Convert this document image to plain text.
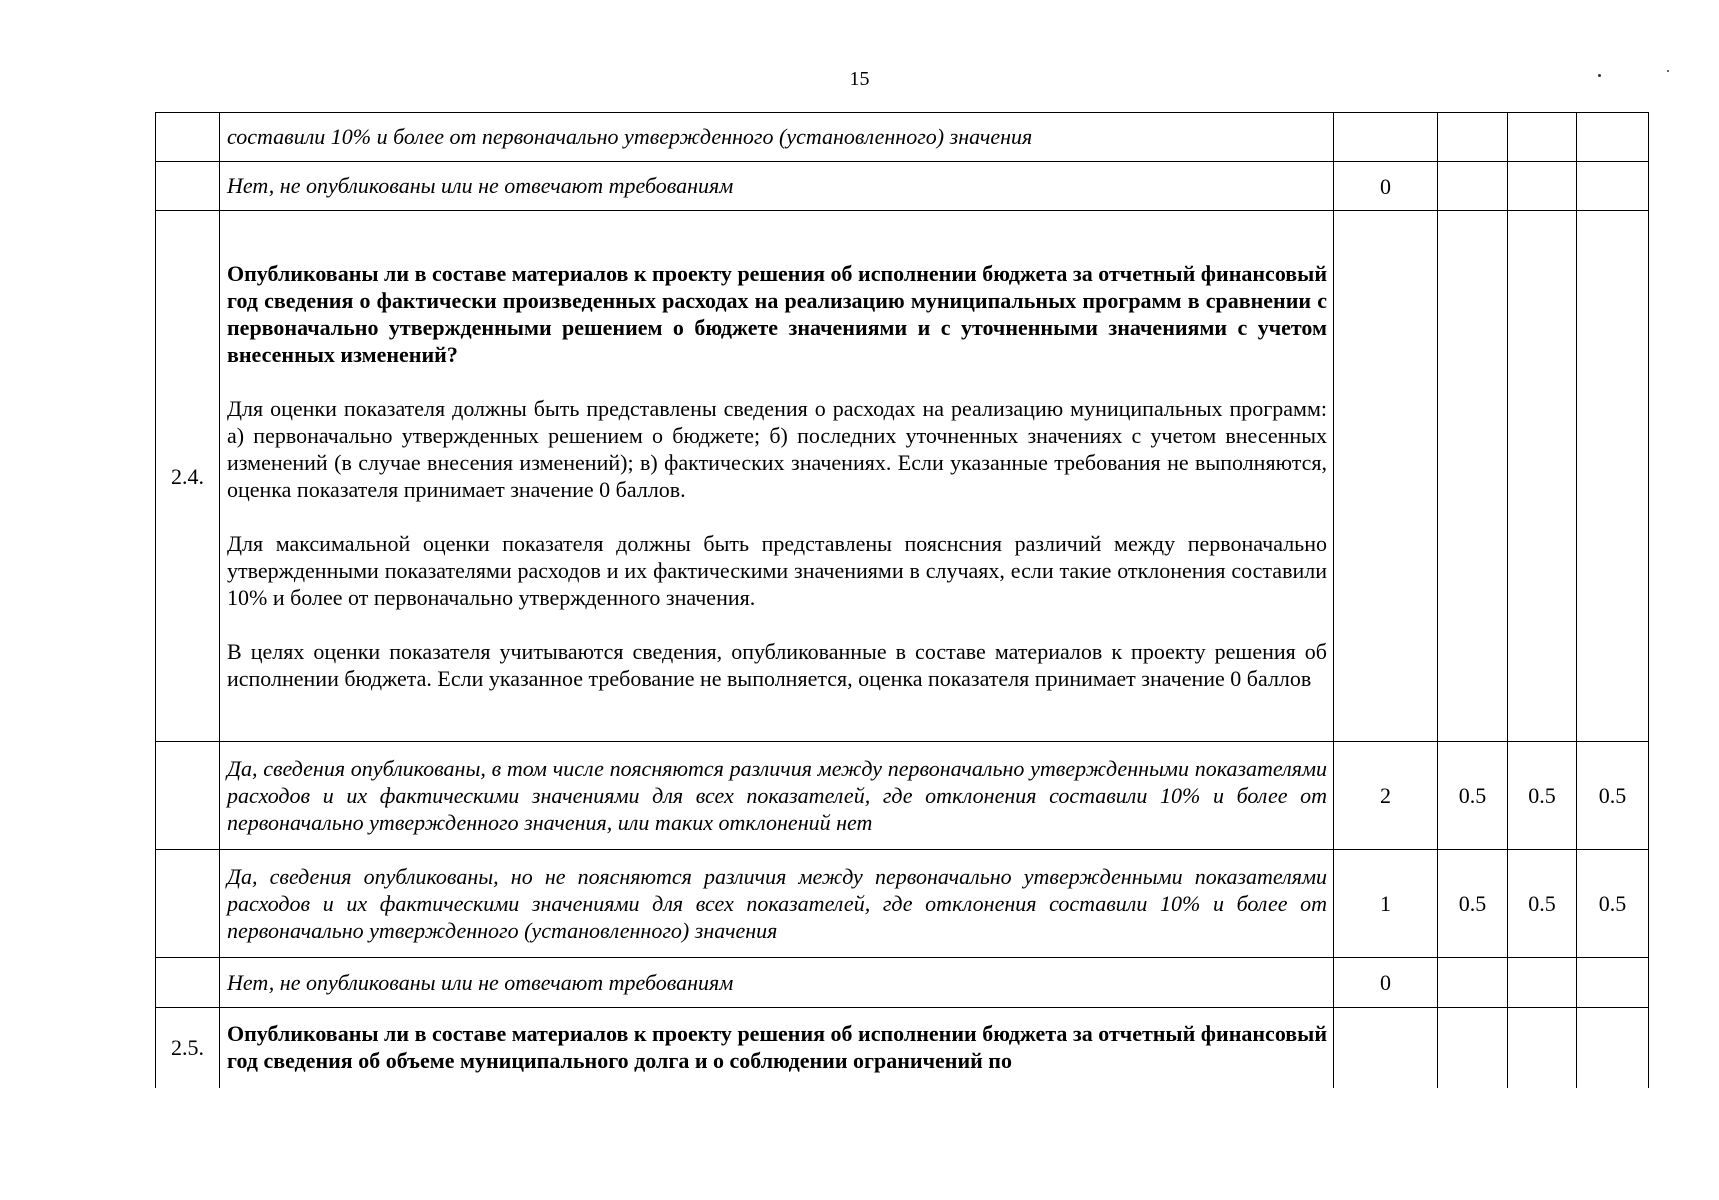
15
	составили 10% и более от первоначально утвержденного (установленного) значения				
	Нет, не опубликованы или не отвечают требованиям	0			
2.4.	Опубликованы ли в составе материалов к проекту решения об исполнении бюджета за отчетный финансовый год сведения о фактически произведенных расходах на реализацию муниципальных программ в сравнении с первоначально утвержденными решением о бюджете значениями и с уточненными значениями с учетом внесенных изменений?
Для оценки показателя должны быть представлены сведения о расходах на реализацию муниципальных программ: а) первоначально утвержденных решением о бюджете; б) последних уточненных значениях с учетом внесенных изменений (в случае внесения изменений); в) фактических значениях. Если указанные требования не выполняются, оценка показателя принимает значение 0 баллов.
Для максимальной оценки показателя должны быть представлены пояснсния различий между первоначально утвержденными показателями расходов и их фактическими значениями в случаях, если такие отклонения составили 10% и более от первоначально утвержденного значения.
В целях оценки показателя учитываются сведения, опубликованные в составе материалов к проекту решения об исполнении бюджета. Если указанное требование не выполняется, оценка показателя принимает значение 0 баллов				

	Да, сведения опубликованы, в том числе поясняются различия между первоначально утвержденными показателями расходов и их фактическими значениями для всех показателей, где отклонения составили 10% и более от первоначально утвержденного значения, или таких отклонений нет	2	0.5	0.5	0.5
	Да, сведения опубликованы, но не поясняются различия между первоначально утвержденными показателями расходов и их фактическими значениями для всех показателей, где отклонения составили 10% и более от первоначально утвержденного (установленного) значения	1	0.5	0.5	0.5
	Нет, не опубликованы или не отвечают требованиям	0			
2.5.	Опубликованы ли в составе материалов к проекту решения об исполнении бюджета за отчетный финансовый год сведения об объеме муниципального долга и о соблюдении ограничений по				
